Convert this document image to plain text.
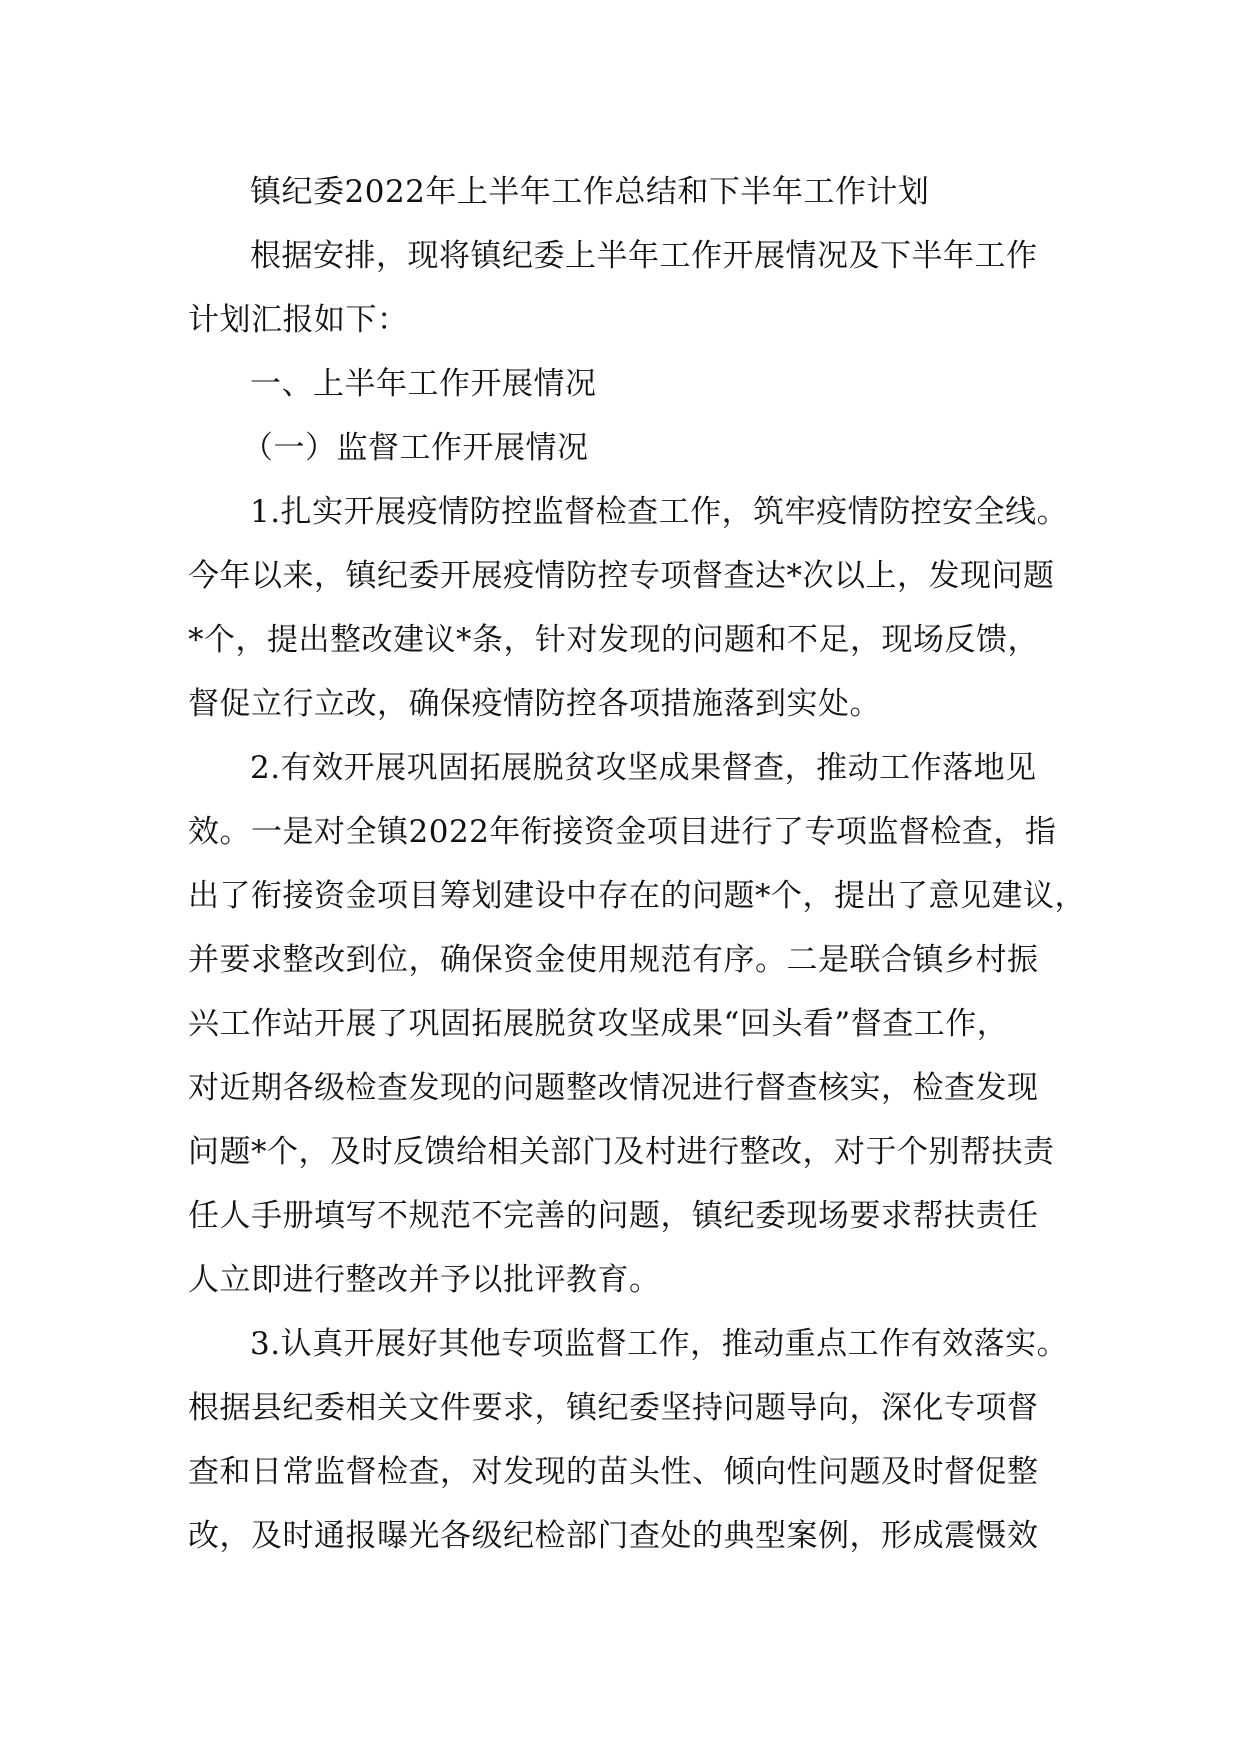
镇纪委2022年上半年工作总结和下半年工作计划
根据安排，现将镇纪委上半年工作开展情况及下半年工作
计划汇报如下：
一、上半年工作开展情况
（一）监督工作开展情况
1.扎实开展疫情防控监督检查工作，筑牢疫情防控安全线。
今年以来，镇纪委开展疫情防控专项督查达*次以上，发现问题
*个，提出整改建议*条，针对发现的问题和不足，现场反馈，
督促立行立改，确保疫情防控各项措施落到实处。
2.有效开展巩固拓展脱贫攻坚成果督查，推动工作落地见
效。一是对全镇2022年衔接资金项目进行了专项监督检查，指
出了衔接资金项目筹划建设中存在的问题*个，提出了意见建议，
并要求整改到位，确保资金使用规范有序。二是联合镇乡村振
兴工作站开展了巩固拓展脱贫攻坚成果“回头看”督查工作，
对近期各级检查发现的问题整改情况进行督查核实，检查发现
问题*个，及时反馈给相关部门及村进行整改，对于个别帮扶责
任人手册填写不规范不完善的问题，镇纪委现场要求帮扶责任
人立即进行整改并予以批评教育。
3.认真开展好其他专项监督工作，推动重点工作有效落实。
根据县纪委相关文件要求，镇纪委坚持问题导向，深化专项督
查和日常监督检查，对发现的苗头性、倾向性问题及时督促整
改，及时通报曝光各级纪检部门查处的典型案例，形成震慑效
